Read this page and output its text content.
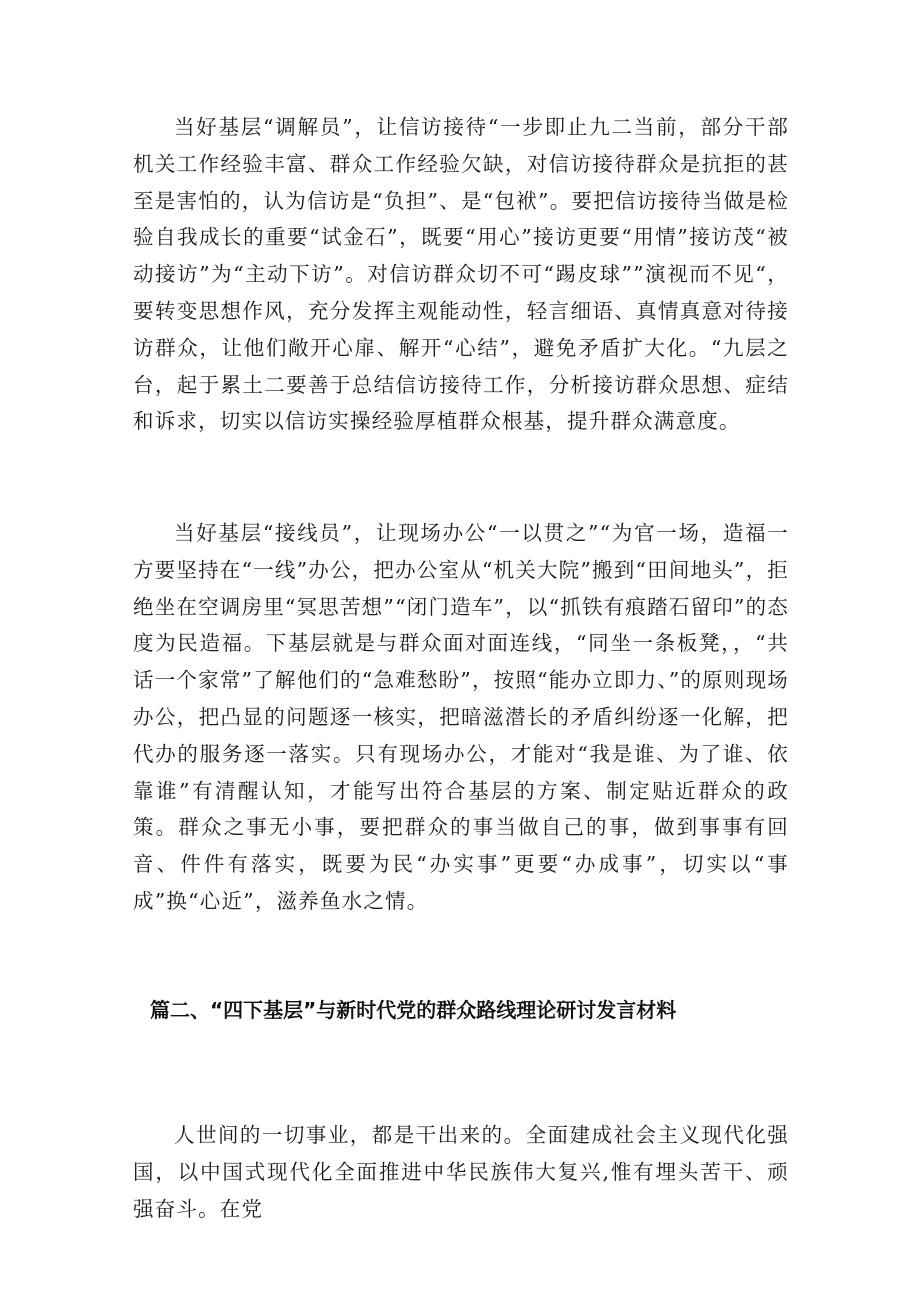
当好基层“调解员”，让信访接待“一步即止九二当前，部分干部机关工作经验丰富、群众工作经验欠缺，对信访接待群众是抗拒的甚至是害怕的，认为信访是“负担”、是“包袱”。要把信访接待当做是检验自我成长的重要“试金石”，既要“用心”接访更要“用情”接访茂“被动接访”为“主动下访”。对信访群众切不可“踢皮球””演视而不见“，要转变思想作风，充分发挥主观能动性，轻言细语、真情真意对待接访群众，让他们敞开心扉、解开“心结”，避免矛盾扩大化。“九层之台，起于累土二要善于总结信访接待工作，分析接访群众思想、症结和诉求，切实以信访实操经验厚植群众根基，提升群众满意度。

当好基层“接线员”，让现场办公“一以贯之”“为官一场，造福一方要坚持在“一线”办公，把办公室从“机关大院”搬到“田间地头”，拒绝坐在空调房里“冥思苦想”“闭门造车”，以“抓铁有痕踏石留印”的态度为民造福。下基层就是与群众面对面连线，“同坐一条板凳，，“共话一个家常”了解他们的“急难愁盼”，按照“能办立即力、”的原则现场办公，把凸显的问题逐一核实，把暗滋潜长的矛盾纠纷逐一化解，把代办的服务逐一落实。只有现场办公，才能对“我是谁、为了谁、依靠谁”有清醒认知，才能写出符合基层的方案、制定贴近群众的政策。群众之事无小事，要把群众的事当做自己的事，做到事事有回音、件件有落实，既要为民“办实事”更要“办成事”，切实以“事成”换“心近”，滋养鱼水之情。

篇二、“四下基层”与新时代党的群众路线理论研讨发言材料

人世间的一切事业，都是干出来的。全面建成社会主义现代化强国，以中国式现代化全面推进中华民族伟大复兴,惟有埋头苦干、顽强奋斗。在党
